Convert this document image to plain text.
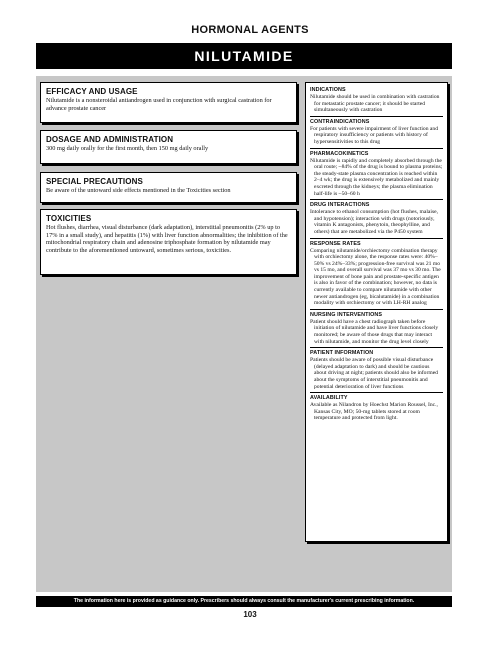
HORMONAL AGENTS
NILUTAMIDE
EFFICACY AND USAGE
Nilutamide is a nonsteroidal antiandrogen used in conjunction with surgical castration for advance prostate cancer
DOSAGE AND ADMINISTRATION
300 mg daily orally for the first month, then 150 mg daily orally
SPECIAL PRECAUTIONS
Be aware of the untoward side effects mentioned in the Toxicities section
TOXICITIES
Hot flushes, diarrhea, visual disturbance (dark adaptation), interstitial pneumonitis (2% up to 17% in a small study), and hepatitis (1%) with liver function abnormalities; the inhibition of the mitochondrial respiratory chain and adenosine triphosphate formation by nilutamide may contribute to the aforementioned untoward, sometimes serious, toxicities.
INDICATIONS
Nilutamide should be used in combination with castration for metastatic prostate cancer; it should be started simultaneously with castration
CONTRAINDICATIONS
For patients with severe impairment of liver function and respiratory insufficiency or patients with history of hypersensitivities to this drug
PHARMACOKINETICS
Nilutamide is rapidly and completely absorbed through the oral route; ~84% of the drug is bound to plasma proteins; the steady-state plasma concentration is reached within 2–4 wk; the drug is extensively metabolized and mainly excreted through the kidneys; the plasma elimination half-life is ~50–60 h
DRUG INTERACTIONS
Intolerance to ethanol consumption (hot flushes, malaise, and hypotension); interaction with drugs (notoriously, vitamin K antagonists, phenytoin, theophylline, and others) that are metabolized via the P450 system
RESPONSE RATES
Comparing nilutamide/orchiectomy combination therapy with orchiectomy alone, the response rates were: 40%–50% vs 24%–33%; progression-free survival was 21 mo vs 15 mo, and overall survival was 37 mo vs 30 mo. The improvement of bone pain and prostate-specific antigen is also in favor of the combination; however, no data is currently available to compare nilutamide with other newer antiandrogen (eg, bicalutamide) in a combination modality with orchiectomy or with LH-RH analog
NURSING INTERVENTIONS
Patient should have a chest radiograph taken before initiation of nilutamide and have liver functions closely monitored; be aware of those drugs that may interact with nilutamide, and monitor the drug level closely
PATIENT INFORMATION
Patients should be aware of possible visual disturbance (delayed adaptation to dark) and should be cautious about driving at night; patients should also be informed about the symptoms of interstitial pneumonitis and potential deterioration of liver functions
AVAILABILITY
Available as Nilandron by Hoechst Marion Roussel, Inc., Kansas City, MO; 50-mg tablets stored at room temperature and protected from light.
The information here is provided as guidance only. Prescribers should always consult the manufacturer's current prescribing information.
103
